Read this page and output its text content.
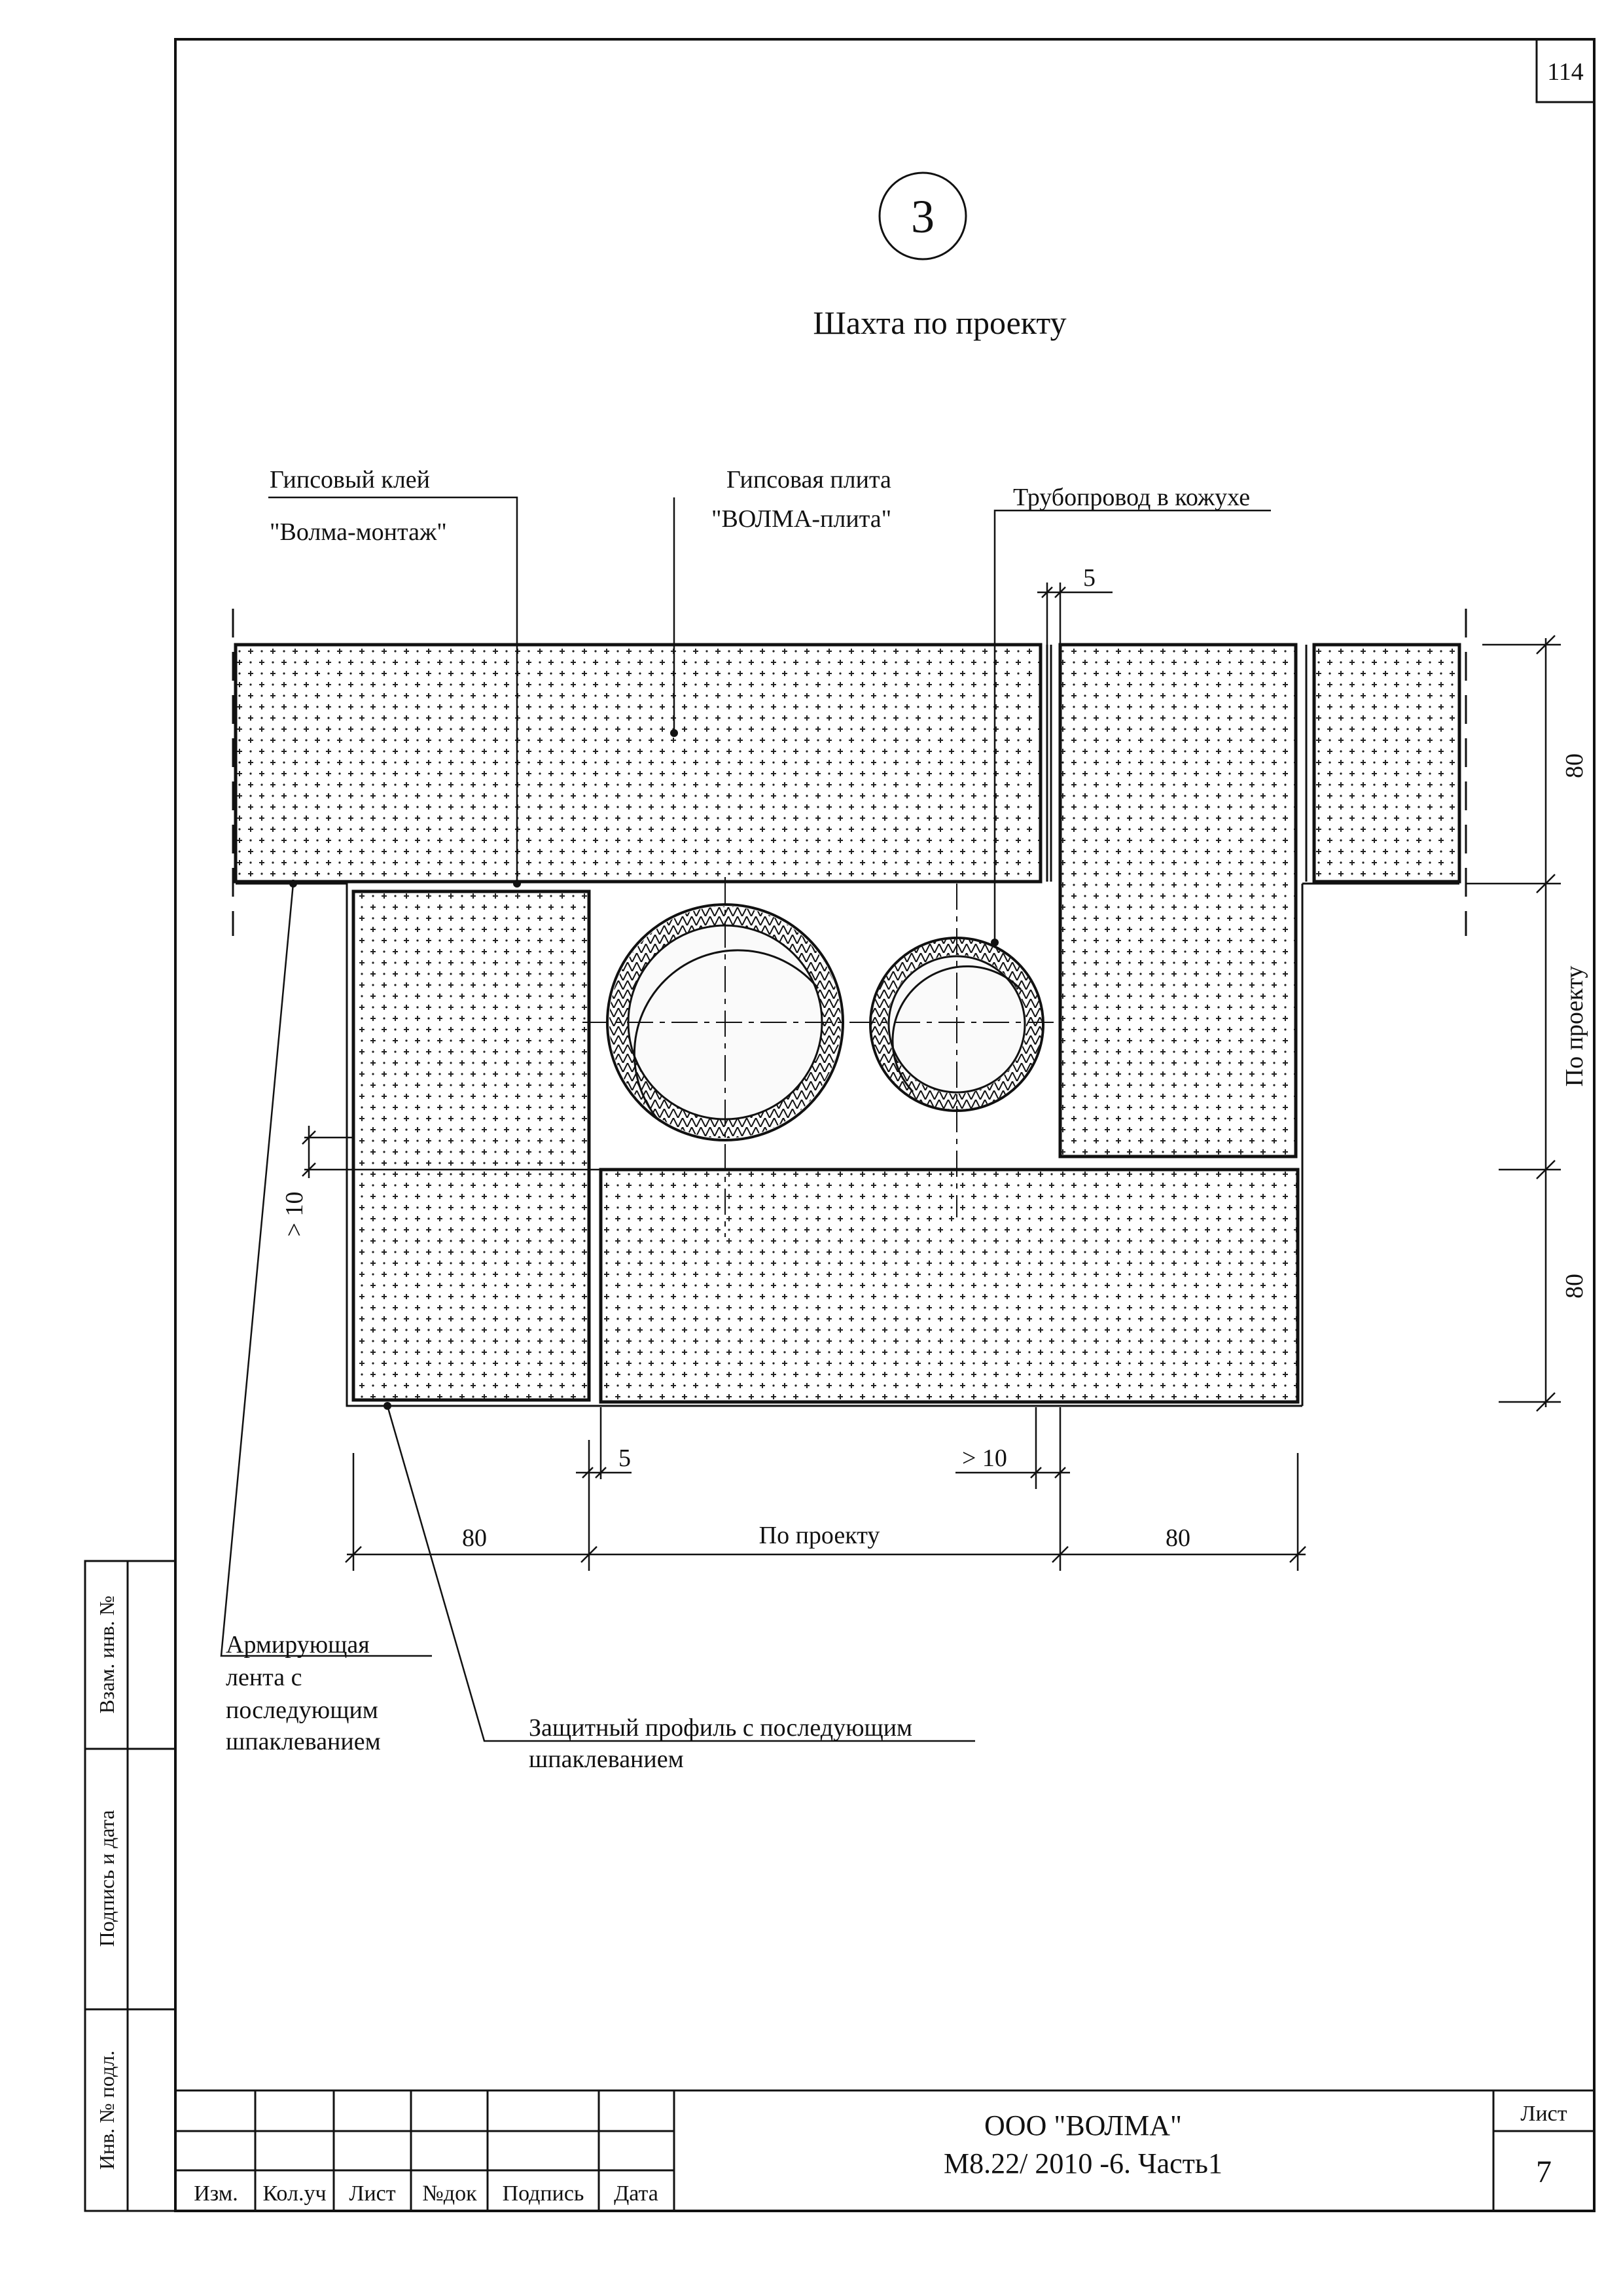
114
3
Шахта по проекту
Гипсовый клей
"Волма-монтаж"
Гипсовая плита
"ВОЛМА-плита"
Трубопровод в кожухе
Армирующая
лента с
последующим
шпаклеванием	Защитный профиль с последующим
шпаклеванием
5
80
По проекту
80
> 10
5	> 10
80	По проекту	80
Взам. инв. №
Подпись и дата
Инв. № подл.
Изм. Кол.уч Лист №док Подпись Дата
ООО "ВОЛМА"
М8.22/ 2010 -6. Часть1
Лист
7
